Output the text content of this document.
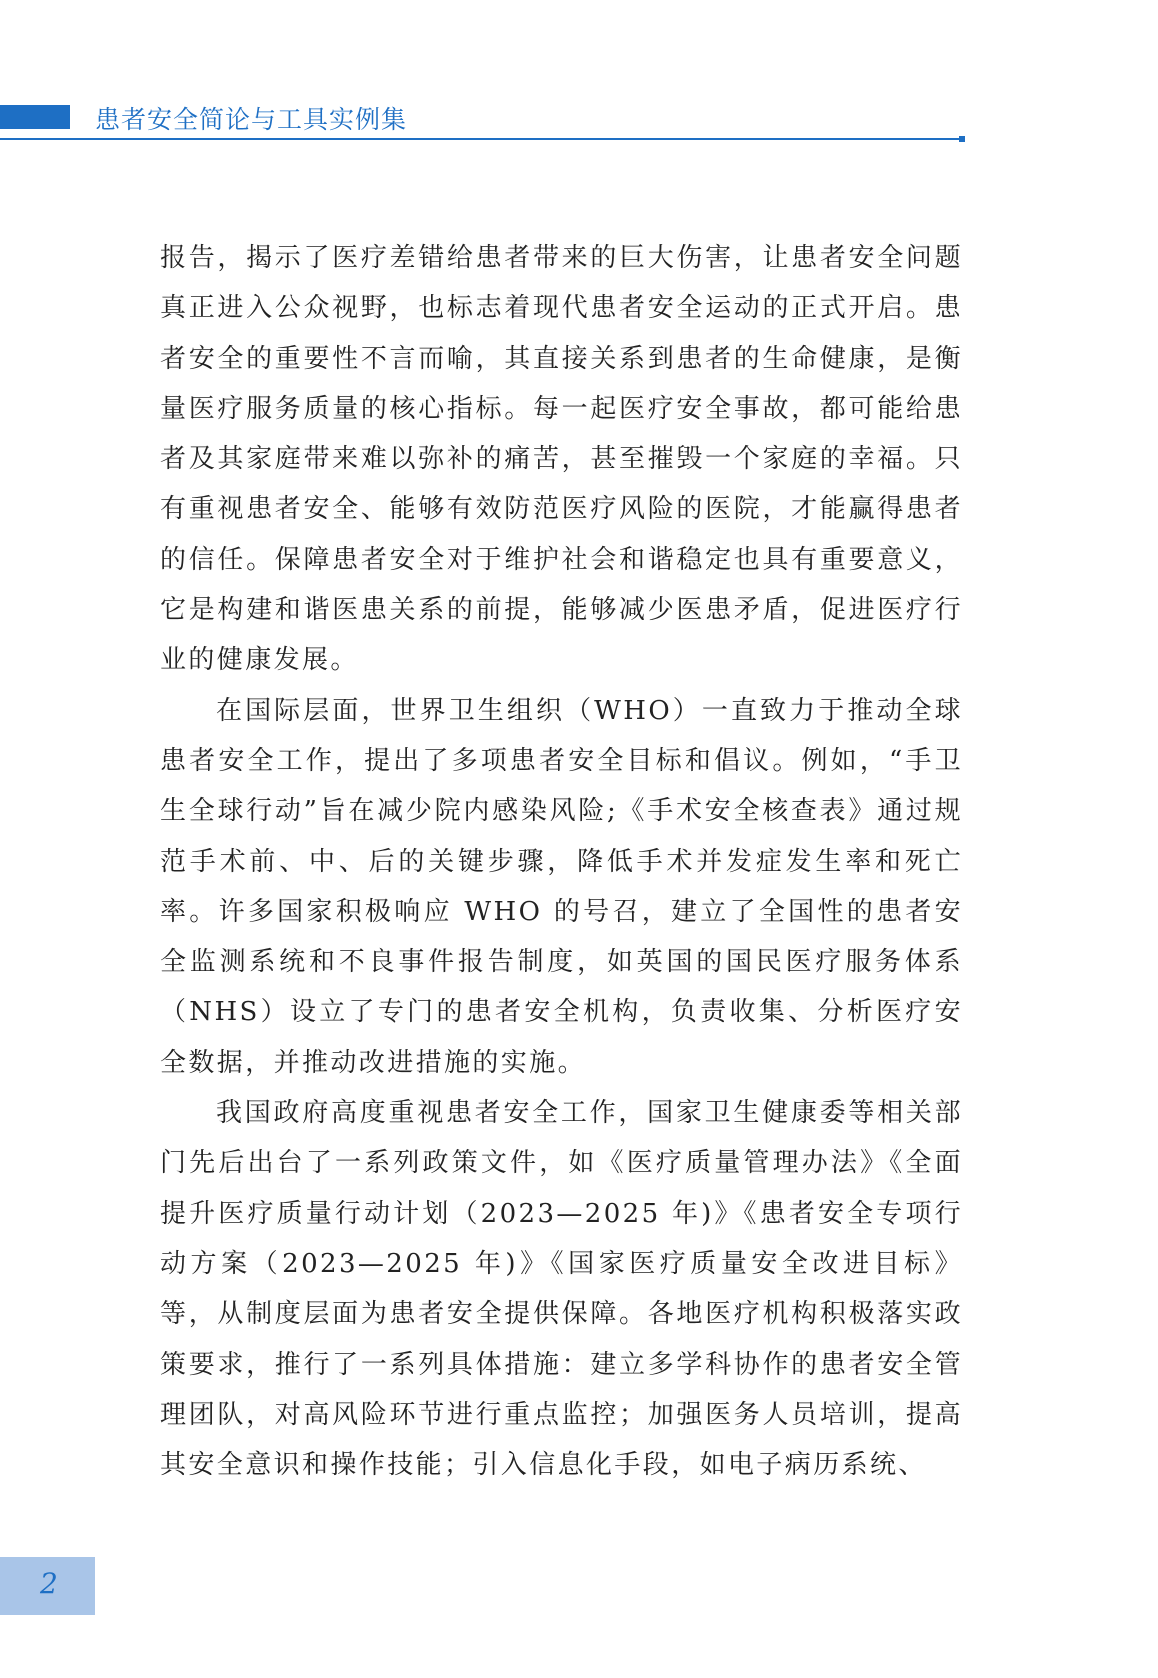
患者安全简论与工具实例集

报告，揭示了医疗差错给患者带来的巨大伤害，让患者安全问题真正进入公众视野，也标志着现代患者安全运动的正式开启。患者安全的重要性不言而喻，其直接关系到患者的生命健康，是衡量医疗服务质量的核心指标。每一起医疗安全事故，都可能给患者及其家庭带来难以弥补的痛苦，甚至摧毁一个家庭的幸福。只有重视患者安全、能够有效防范医疗风险的医院，才能赢得患者的信任。保障患者安全对于维护社会和谐稳定也具有重要意义，它是构建和谐医患关系的前提，能够减少医患矛盾，促进医疗行业的健康发展。

在国际层面，世界卫生组织（WHO）一直致力于推动全球患者安全工作，提出了多项患者安全目标和倡议。例如，“手卫生全球行动”旨在减少院内感染风险;《手术安全核查表》通过规范手术前、中、后的关键步骤，降低手术并发症发生率和死亡率。许多国家积极响应 WHO 的号召，建立了全国性的患者安全监测系统和不良事件报告制度，如英国的国民医疗服务体系（NHS）设立了专门的患者安全机构，负责收集、分析医疗安全数据，并推动改进措施的实施。

我国政府高度重视患者安全工作，国家卫生健康委等相关部门先后出台了一系列政策文件，如《医疗质量管理办法》《全面提升医疗质量行动计划（2023—2025 年)》《患者安全专项行动方案（2023—2025 年)》《国家医疗质量安全改进目标》等，从制度层面为患者安全提供保障。各地医疗机构积极落实政策要求，推行了一系列具体措施：建立多学科协作的患者安全管理团队，对高风险环节进行重点监控；加强医务人员培训，提高其安全意识和操作技能；引入信息化手段，如电子病历系统、

2
